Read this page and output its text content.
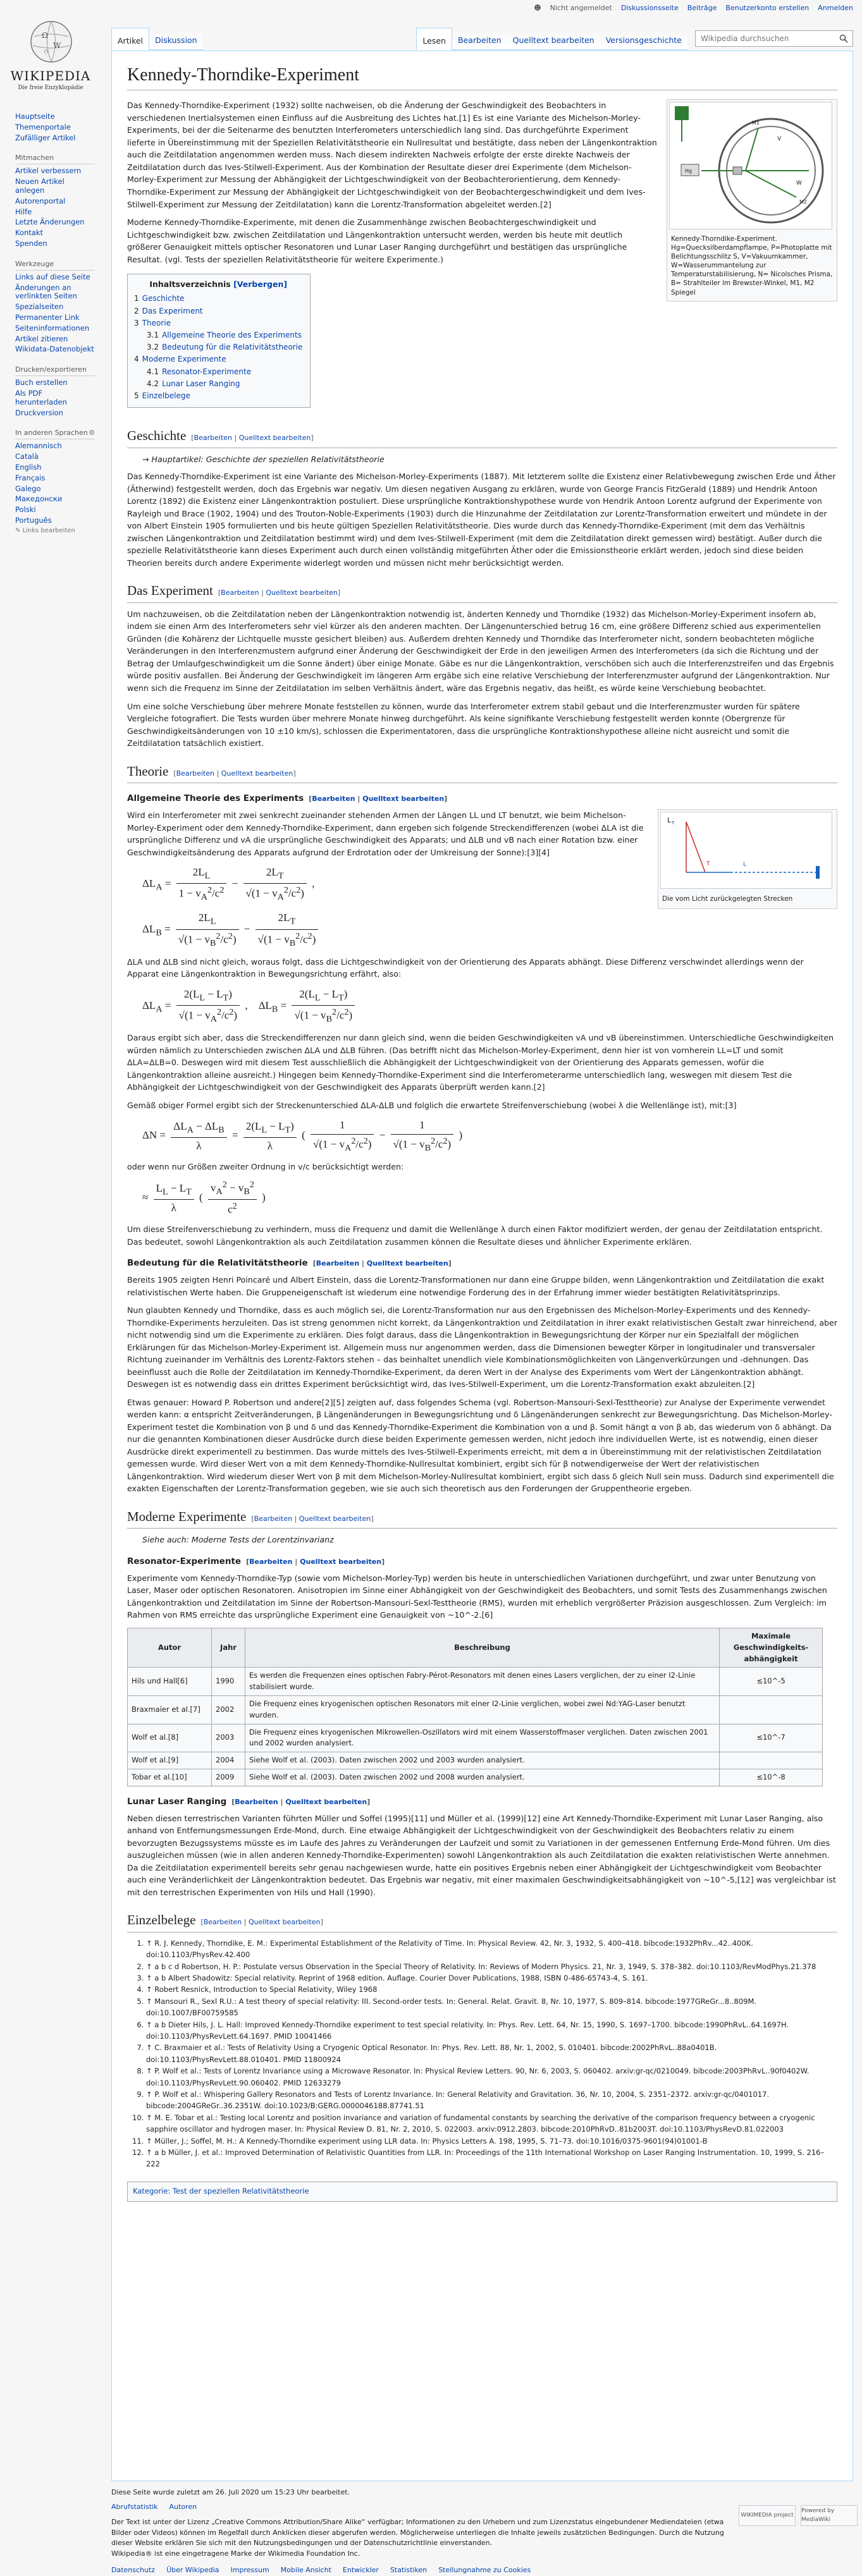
☻ Nicht angemeldet Diskussionsseite Beiträge Benutzerkonto erstellen Anmelden
Ω
W
ウ
WIKIPEDIA
Die freie Enzyklopädie
Hauptseite
Themenportale
Zufälliger Artikel
Mitmachen
Artikel verbessern
Neuen Artikel anlegen
Autorenportal
Hilfe
Letzte Änderungen
Kontakt
Spenden
Werkzeuge
Links auf diese Seite
Änderungen an verlinkten Seiten
Spezialseiten
Permanenter Link
Seiteninformationen
Artikel zitieren
Wikidata-Datenobjekt
Drucken/exportieren
Buch erstellen
Als PDF herunterladen
Druckversion
In anderen Sprachen ⚙
Alemannisch
Català
English
Français
Galego
Македонски
Polski
Português
✎ Links bearbeiten
Artikel	Diskussion	Lesen	Bearbeiten	Quelltext bearbeiten	Versionsgeschichte	Wikipedia durchsuchen
Kennedy-Thorndike-Experiment
Hg
V
W
M1
M2
Kennedy-Thorndike-Experiment. Hg=Quecksilberdampflampe, P=Photoplatte mit Belichtungsschlitz S, V=Vakuumkammer, W=Wasserummantelung zur Temperaturstabilisierung, N= Nicolsches Prisma, B= Strahlteiler im Brewster-Winkel, M1, M2 Spiegel

Das Kennedy-Thorndike-Experiment (1932) sollte nachweisen, ob die Änderung der Geschwindigkeit des Beobachters in verschiedenen Inertialsystemen einen Einfluss auf die Ausbreitung des Lichtes hat.[1] Es ist eine Variante des Michelson-Morley-Experiments, bei der die Seitenarme des benutzten Interferometers unterschiedlich lang sind. Das durchgeführte Experiment lieferte in Übereinstimmung mit der Speziellen Relativitätstheorie ein Nullresultat und bestätigte, dass neben der Längenkontraktion auch die Zeitdilatation angenommen werden muss. Nach diesem indirekten Nachweis erfolgte der erste direkte Nachweis der Zeitdilatation durch das Ives-Stilwell-Experiment. Aus der Kombination der Resultate dieser drei Experimente (dem Michelson-Morley-Experiment zur Messung der Abhängigkeit der Lichtgeschwindigkeit von der Beobachterorientierung, dem Kennedy-Thorndike-Experiment zur Messung der Abhängigkeit der Lichtgeschwindigkeit von der Beobachtergeschwindigkeit und dem Ives-Stilwell-Experiment zur Messung der Zeitdilatation) kann die Lorentz-Transformation abgeleitet werden.[2]

Moderne Kennedy-Thorndike-Experimente, mit denen die Zusammenhänge zwischen Beobachtergeschwindigkeit und Lichtgeschwindigkeit bzw. zwischen Zeitdilatation und Längenkontraktion untersucht werden, werden bis heute mit deutlich größerer Genauigkeit mittels optischer Resonatoren und Lunar Laser Ranging durchgeführt und bestätigen das ursprüngliche Resultat. (vgl. Tests der speziellen Relativitätstheorie für weitere Experimente.)

Inhaltsverzeichnis [Verbergen]
1 Geschichte
2 Das Experiment
3 Theorie
3.1 Allgemeine Theorie des Experiments
3.2 Bedeutung für die Relativitätstheorie
4 Moderne Experimente
4.1 Resonator-Experimente
4.2 Lunar Laser Ranging
5 Einzelbelege
Geschichte [Bearbeiten | Quelltext bearbeiten]
→ Hauptartikel: Geschichte der speziellen Relativitätstheorie

Das Kennedy-Thorndike-Experiment ist eine Variante des Michelson-Morley-Experiments (1887). Mit letzterem sollte die Existenz einer Relativbewegung zwischen Erde und Äther (Ätherwind) festgestellt werden, doch das Ergebnis war negativ. Um diesen negativen Ausgang zu erklären, wurde von George Francis FitzGerald (1889) und Hendrik Antoon Lorentz (1892) die Existenz einer Längenkontraktion postuliert. Diese ursprüngliche Kontraktionshypothese wurde von Hendrik Antoon Lorentz aufgrund der Experimente von Rayleigh und Brace (1902, 1904) und des Trouton-Noble-Experiments (1903) durch die Hinzunahme der Zeitdilatation zur Lorentz-Transformation erweitert und mündete in der von Albert Einstein 1905 formulierten und bis heute gültigen Speziellen Relativitätstheorie. Dies wurde durch das Kennedy-Thorndike-Experiment (mit dem das Verhältnis zwischen Längenkontraktion und Zeitdilatation bestimmt wird) und dem Ives-Stilwell-Experiment (mit dem die Zeitdilatation direkt gemessen wird) bestätigt. Außer durch die spezielle Relativitätstheorie kann dieses Experiment auch durch einen vollständig mitgeführten Äther oder die Emissionstheorie erklärt werden, jedoch sind diese beiden Theorien bereits durch andere Experimente widerlegt worden und müssen nicht mehr berücksichtigt werden.

Das Experiment [Bearbeiten | Quelltext bearbeiten]

Um nachzuweisen, ob die Zeitdilatation neben der Längenkontraktion notwendig ist, änderten Kennedy und Thorndike (1932) das Michelson-Morley-Experiment insofern ab, indem sie einen Arm des Interferometers sehr viel kürzer als den anderen machten. Der Längenunterschied betrug 16 cm, eine größere Differenz schied aus experimentellen Gründen (die Kohärenz der Lichtquelle musste gesichert bleiben) aus. Außerdem drehten Kennedy und Thorndike das Interferometer nicht, sondern beobachteten mögliche Veränderungen in den Interferenzmustern aufgrund einer Änderung der Geschwindigkeit der Erde in den jeweiligen Armen des Interferometers (da sich die Richtung und der Betrag der Umlaufgeschwindigkeit um die Sonne ändert) über einige Monate. Gäbe es nur die Längenkontraktion, verschöben sich auch die Interferenzstreifen und das Ergebnis würde positiv ausfallen. Bei Änderung der Geschwindigkeit im längeren Arm ergäbe sich eine relative Verschiebung der Interferenzmuster aufgrund der Längenkontraktion. Nur wenn sich die Frequenz im Sinne der Zeitdilatation im selben Verhältnis ändert, wäre das Ergebnis negativ, das heißt, es würde keine Verschiebung beobachtet.

Um eine solche Verschiebung über mehrere Monate feststellen zu können, wurde das Interferometer extrem stabil gebaut und die Interferenzmuster wurden für spätere Vergleiche fotografiert. Die Tests wurden über mehrere Monate hinweg durchgeführt. Als keine signifikante Verschiebung festgestellt werden konnte (Obergrenze für Geschwindigkeitsänderungen von 10 ±10 km/s), schlossen die Experimentatoren, dass die ursprüngliche Kontraktionshypothese alleine nicht ausreicht und somit die Zeitdilatation tatsächlich existiert.

Theorie [Bearbeiten | Quelltext bearbeiten]
Allgemeine Theorie des Experiments [Bearbeiten | Quelltext bearbeiten]
L T
L
T
Die vom Licht zurückgelegten Strecken

Wird ein Interferometer mit zwei senkrecht zueinander stehenden Armen der Längen LL und LT benutzt, wie beim Michelson-Morley-Experiment oder dem Kennedy-Thorndike-Experiment, dann ergeben sich folgende Streckendifferenzen (wobei ΔLA ist die ursprüngliche Differenz und vA die ursprüngliche Geschwindigkeit des Apparats; und ΔLB und vB nach einer Rotation bzw. einer Geschwindigkeitsänderung des Apparats aufgrund der Erdrotation oder der Umkreisung der Sonne):[3][4]

$\Delta L_A = \frac{2L_L}{1 - v_A^2/c^2} - \frac{2L_T}{√(1 - v_A^2/c^2)}$ ,
$\Delta L_B = \frac{2L_L}{√(1 - v_B^2/c^2)} - \frac{2L_T}{√(1 - v_B^2/c^2)}$

ΔLA und ΔLB sind nicht gleich, woraus folgt, dass die Lichtgeschwindigkeit von der Orientierung des Apparats abhängt. Diese Differenz verschwindet allerdings wenn der Apparat eine Längenkontraktion in Bewegungsrichtung erfährt, also:

$\Delta L_A = \frac{2(L_L - L_T)}{√(1 - v_A^2/c^2)}$ ,    $\Delta L_B = \frac{2(L_L - L_T)}{√(1 - v_B^2/c^2)}$

Daraus ergibt sich aber, dass die Streckendifferenzen nur dann gleich sind, wenn die beiden Geschwindigkeiten vA und vB übereinstimmen. Unterschiedliche Geschwindigkeiten würden nämlich zu Unterschieden zwischen ΔLA und ΔLB führen. (Das betrifft nicht das Michelson-Morley-Experiment, denn hier ist von vornherein LL=LT und somit ΔLA=ΔLB=0. Deswegen wird mit diesem Test ausschließlich die Abhängigkeit der Lichtgeschwindigkeit von der Orientierung des Apparats gemessen, wofür die Längenkontraktion alleine ausreicht.) Hingegen beim Kennedy-Thorndike-Experiment sind die Interferometerarme unterschiedlich lang, weswegen mit diesem Test die Abhängigkeit der Lichtgeschwindigkeit von der Geschwindigkeit des Apparats überprüft werden kann.[2]

Gemäß obiger Formel ergibt sich der Streckenunterschied ΔLA-ΔLB und folglich die erwartete Streifenverschiebung (wobei λ die Wellenlänge ist), mit:[3]

$\Delta N = \frac{\Delta L_A - \Delta L_B}{\lambda} = \frac{2(L_L - L_T)}{\lambda}$ ( $\frac{1}{√(1 - v_A^2/c^2)} - \frac{1}{√(1 - v_B^2/c^2)}$ )

oder wenn nur Größen zweiter Ordnung in v/c berücksichtigt werden:

≈ $\frac{L_L - L_T}{\lambda}$ ( $\frac{v_A^2 - v_B^2}{c^2}$ )

Um diese Streifenverschiebung zu verhindern, muss die Frequenz und damit die Wellenlänge λ durch einen Faktor modifiziert werden, der genau der Zeitdilatation entspricht. Das bedeutet, sowohl Längenkontraktion als auch Zeitdilatation zusammen können die Resultate dieses und ähnlicher Experimente erklären.

Bedeutung für die Relativitätstheorie [Bearbeiten | Quelltext bearbeiten]

Bereits 1905 zeigten Henri Poincaré und Albert Einstein, dass die Lorentz-Transformationen nur dann eine Gruppe bilden, wenn Längenkontraktion und Zeitdilatation die exakt relativistischen Werte haben. Die Gruppeneigenschaft ist wiederum eine notwendige Forderung des in der Erfahrung immer wieder bestätigten Relativitätsprinzips.

Nun glaubten Kennedy und Thorndike, dass es auch möglich sei, die Lorentz-Transformation nur aus den Ergebnissen des Michelson-Morley-Experiments und des Kennedy-Thorndike-Experiments herzuleiten. Das ist streng genommen nicht korrekt, da Längenkontraktion und Zeitdilatation in ihrer exakt relativistischen Gestalt zwar hinreichend, aber nicht notwendig sind um die Experimente zu erklären. Dies folgt daraus, dass die Längenkontraktion in Bewegungsrichtung der Körper nur ein Spezialfall der möglichen Erklärungen für das Michelson-Morley-Experiment ist. Allgemein muss nur angenommen werden, dass die Dimensionen bewegter Körper in longitudinaler und transversaler Richtung zueinander im Verhältnis des Lorentz-Faktors stehen – das beinhaltet unendlich viele Kombinationsmöglichkeiten von Längenverkürzungen und -dehnungen. Das beeinflusst auch die Rolle der Zeitdilatation im Kennedy-Thorndike-Experiment, da deren Wert in der Analyse des Experiments vom Wert der Längenkontraktion abhängt. Deswegen ist es notwendig dass ein drittes Experiment berücksichtigt wird, das Ives-Stilwell-Experiment, um die Lorentz-Transformation exakt abzuleiten.[2]

Etwas genauer: Howard P. Robertson und andere[2][5] zeigten auf, dass folgendes Schema (vgl. Robertson-Mansouri-Sexl-Testtheorie) zur Analyse der Experimente verwendet werden kann: α entspricht Zeitveränderungen, β Längenänderungen in Bewegungsrichtung und δ Längenänderungen senkrecht zur Bewegungsrichtung. Das Michelson-Morley-Experiment testet die Kombination von β und δ und das Kennedy-Thorndike-Experiment die Kombination von α und β. Somit hängt α von β ab, das wiederum von δ abhängt. Da nur die genannten Kombinationen dieser Ausdrücke durch diese beiden Experimente gemessen werden, nicht jedoch ihre individuellen Werte, ist es notwendig, einen dieser Ausdrücke direkt experimentell zu bestimmen. Das wurde mittels des Ives-Stilwell-Experiments erreicht, mit dem α in Übereinstimmung mit der relativistischen Zeitdilatation gemessen wurde. Wird dieser Wert von α mit dem Kennedy-Thorndike-Nullresultat kombiniert, ergibt sich für β notwendigerweise der Wert der relativistischen Längenkontraktion. Wird wiederum dieser Wert von β mit dem Michelson-Morley-Nullresultat kombiniert, ergibt sich dass δ gleich Null sein muss. Dadurch sind experimentell die exakten Eigenschaften der Lorentz-Transformation gegeben, wie sie auch sich theoretisch aus den Forderungen der Gruppentheorie ergeben.

Moderne Experimente [Bearbeiten | Quelltext bearbeiten]
Siehe auch: Moderne Tests der Lorentzinvarianz
Resonator-Experimente [Bearbeiten | Quelltext bearbeiten]

Experimente vom Kennedy-Thorndike-Typ (sowie vom Michelson-Morley-Typ) werden bis heute in unterschiedlichen Variationen durchgeführt, und zwar unter Benutzung von Laser, Maser oder optischen Resonatoren. Anisotropien im Sinne einer Abhängigkeit von der Geschwindigkeit des Beobachters, und somit Tests des Zusammenhangs zwischen Längenkontraktion und Zeitdilatation im Sinne der Robertson-Mansouri-Sexl-Testtheorie (RMS), wurden mit erheblich vergrößerter Präzision ausgeschlossen. Zum Vergleich: im Rahmen von RMS erreichte das ursprüngliche Experiment eine Genauigkeit von ~10^-2.[6]

Autor	Jahr	Beschreibung	Maximale Geschwindigkeits-abhängigkeit
Hils und Hall[6]	1990	Es werden die Frequenzen eines optischen Fabry-Pérot-Resonators mit denen eines Lasers verglichen, der zu einer I2-Linie stabilisiert wurde.	≲10^-5
Braxmaier et al.[7]	2002	Die Frequenz eines kryogenischen optischen Resonators mit einer I2-Linie verglichen, wobei zwei Nd:YAG-Laser benutzt wurden.	
Wolf et al.[8]	2003	Die Frequenz eines kryogenischen Mikrowellen-Oszillators wird mit einem Wasserstoffmaser verglichen. Daten zwischen 2001 und 2002 wurden analysiert.	≲10^-7
Wolf et al.[9]	2004	Siehe Wolf et al. (2003). Daten zwischen 2002 und 2003 wurden analysiert.	
Tobar et al.[10]	2009	Siehe Wolf et al. (2003). Daten zwischen 2002 und 2008 wurden analysiert.	≲10^-8
Lunar Laser Ranging [Bearbeiten | Quelltext bearbeiten]

Neben diesen terrestrischen Varianten führten Müller und Soffel (1995)[11] und Müller et al. (1999)[12] eine Art Kennedy-Thorndike-Experiment mit Lunar Laser Ranging, also anhand von Entfernungsmessungen Erde-Mond, durch. Eine etwaige Abhängigkeit der Lichtgeschwindigkeit von der Geschwindigkeit des Beobachters relativ zu einem bevorzugten Bezugssystems müsste es im Laufe des Jahres zu Veränderungen der Laufzeit und somit zu Variationen in der gemessenen Entfernung Erde-Mond führen. Um dies auszugleichen müssen (wie in allen anderen Kennedy-Thorndike-Experimenten) sowohl Längenkontraktion als auch Zeitdilatation die exakten relativistischen Werte annehmen. Da die Zeitdilatation experimentell bereits sehr genau nachgewiesen wurde, hatte ein positives Ergebnis neben einer Abhängigkeit der Lichtgeschwindigkeit vom Beobachter auch eine Veränderlichkeit der Längenkontraktion bedeutet. Das Ergebnis war negativ, mit einer maximalen Geschwindigkeitsabhängigkeit von ~10^-5,[12] was vergleichbar ist mit den terrestrischen Experimenten von Hils und Hall (1990).

Einzelbelege [Bearbeiten | Quelltext bearbeiten]
1. ↑ R. J. Kennedy, Thorndike, E. M.: Experimental Establishment of the Relativity of Time. In: Physical Review. 42, Nr. 3, 1932, S. 400–418. bibcode:1932PhRv...42..400K. doi:10.1103/PhysRev.42.400
2. ↑ a b c d Robertson, H. P.: Postulate versus Observation in the Special Theory of Relativity. In: Reviews of Modern Physics. 21, Nr. 3, 1949, S. 378–382. doi:10.1103/RevModPhys.21.378
3. ↑ a b Albert Shadowitz: Special relativity. Reprint of 1968 edition. Auflage. Courier Dover Publications, 1988, ISBN 0-486-65743-4, S. 161.
4. ↑ Robert Resnick, Introduction to Special Relativity, Wiley 1968
5. ↑ Mansouri R., Sexl R.U.: A test theory of special relativity: III. Second-order tests. In: General. Relat. Gravit. 8, Nr. 10, 1977, S. 809–814. bibcode:1977GReGr...8..809M. doi:10.1007/BF00759585
6. ↑ a b Dieter Hils, J. L. Hall: Improved Kennedy-Thorndike experiment to test special relativity. In: Phys. Rev. Lett. 64, Nr. 15, 1990, S. 1697–1700. bibcode:1990PhRvL..64.1697H. doi:10.1103/PhysRevLett.64.1697. PMID 10041466
7. ↑ C. Braxmaier et al.: Tests of Relativity Using a Cryogenic Optical Resonator. In: Phys. Rev. Lett. 88, Nr. 1, 2002, S. 010401. bibcode:2002PhRvL..88a0401B. doi:10.1103/PhysRevLett.88.010401. PMID 11800924
8. ↑ P. Wolf et al.: Tests of Lorentz Invariance using a Microwave Resonator. In: Physical Review Letters. 90, Nr. 6, 2003, S. 060402. arxiv:gr-qc/0210049. bibcode:2003PhRvL..90f0402W. doi:10.1103/PhysRevLett.90.060402. PMID 12633279
9. ↑ P. Wolf et al.: Whispering Gallery Resonators and Tests of Lorentz Invariance. In: General Relativity and Gravitation. 36, Nr. 10, 2004, S. 2351–2372. arxiv:gr-qc/0401017. bibcode:2004GReGr..36.2351W. doi:10.1023/B:GERG.0000046188.87741.51
10. ↑ M. E. Tobar et al.: Testing local Lorentz and position invariance and variation of fundamental constants by searching the derivative of the comparison frequency between a cryogenic sapphire oscillator and hydrogen maser. In: Physical Review D. 81, Nr. 2, 2010, S. 022003. arxiv:0912.2803. bibcode:2010PhRvD..81b2003T. doi:10.1103/PhysRevD.81.022003
11. ↑ Müller, J.; Soffel, M. H.: A Kennedy-Thorndike experiment using LLR data. In: Physics Letters A. 198, 1995, S. 71–73. doi:10.1016/0375-9601(94)01001-B
12. ↑ a b Müller, J. et al.: Improved Determination of Relativistic Quantities from LLR. In: Proceedings of the 11th International Workshop on Laser Ranging Instrumentation. 10, 1999, S. 216–222
Kategorie: Test der speziellen Relativitätstheorie
Diese Seite wurde zuletzt am 26. Juli 2020 um 15:23 Uhr bearbeitet.
Abrufstatistik Autoren
Der Text ist unter der Lizenz „Creative Commons Attribution/Share Alike“ verfügbar; Informationen zu den Urhebern und zum Lizenzstatus eingebundener Mediendateien (etwa Bilder oder Videos) können im Regelfall durch Anklicken dieser abgerufen werden. Möglicherweise unterliegen die Inhalte jeweils zusätzlichen Bedingungen. Durch die Nutzung dieser Website erklären Sie sich mit den Nutzungsbedingungen und der Datenschutzrichtlinie einverstanden.
Wikipedia® ist eine eingetragene Marke der Wikimedia Foundation Inc.
Datenschutz Über Wikipedia Impressum Mobile Ansicht Entwickler Statistiken Stellungnahme zu Cookies
WIKIMEDIA project
Powered by MediaWiki
